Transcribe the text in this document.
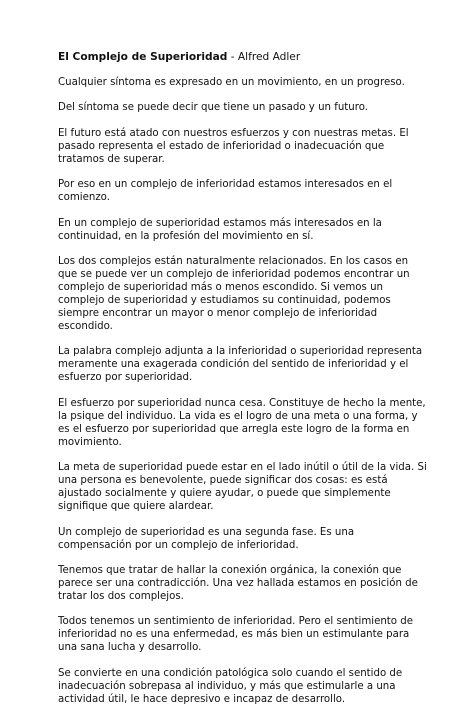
El Complejo de Superioridad - Alfred Adler

Cualquier síntoma es expresado en un movimiento, en un progreso.

Del síntoma se puede decir que tiene un pasado y un futuro.

El futuro está atado con nuestros esfuerzos y con nuestras metas. El pasado representa el estado de inferioridad o inadecuación que tratamos de superar.

Por eso en un complejo de inferioridad estamos interesados en el comienzo.

En un complejo de superioridad estamos más interesados en la continuidad, en la profesión del movimiento en sí.

Los dos complejos están naturalmente relacionados. En los casos en que se puede ver un complejo de inferioridad podemos encontrar un complejo de superioridad más o menos escondido. Si vemos un complejo de superioridad y estudiamos su continuidad, podemos siempre encontrar un mayor o menor complejo de inferioridad escondido.

La palabra complejo adjunta a la inferioridad o superioridad representa meramente una exagerada condición del sentido de inferioridad y el esfuerzo por superioridad.

El esfuerzo por superioridad nunca cesa. Constituye de hecho la mente, la psique del individuo. La vida es el logro de una meta o una forma, y es el esfuerzo por superioridad que arregla este logro de la forma en movimiento.

La meta de superioridad puede estar en el lado inútil o útil de la vida. Si una persona es benevolente, puede significar dos cosas: es está ajustado socialmente y quiere ayudar, o puede que simplemente signifique que quiere alardear.

Un complejo de superioridad es una segunda fase. Es una compensación por un complejo de inferioridad.

Tenemos que tratar de hallar la conexión orgánica, la conexión que parece ser una contradicción. Una vez hallada estamos en posición de tratar los dos complejos.

Todos tenemos un sentimiento de inferioridad. Pero el sentimiento de inferioridad no es una enfermedad, es más bien un estimulante para una sana lucha y desarrollo.

Se convierte en una condición patológica solo cuando el sentido de inadecuación sobrepasa al individuo, y más que estimularle a una actividad útil, le hace depresivo e incapaz de desarrollo.
